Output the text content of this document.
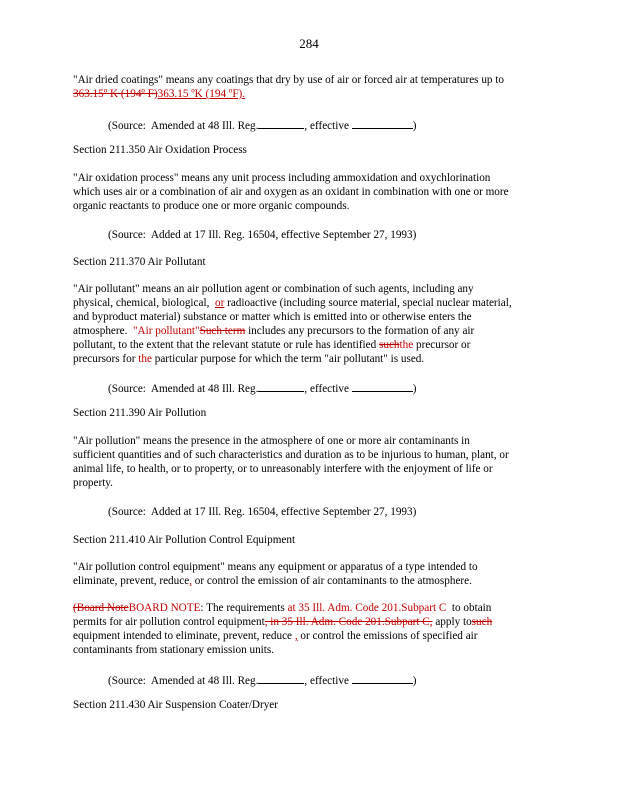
284
"Air dried coatings" means any coatings that dry by use of air or forced air at temperatures up to
363.15º K (194º F)363.15 ºK (194 ºF).
(Source: Amended at 48 Ill. Reg.	, effective	)
Section 211.350 Air Oxidation Process
"Air oxidation process" means any unit process including ammoxidation and oxychlorination
which uses air or a combination of air and oxygen as an oxidant in combination with one or more
organic reactants to produce one or more organic compounds.
(Source: Added at 17 Ill. Reg. 16504, effective September 27, 1993)
Section 211.370 Air Pollutant
"Air pollutant" means an air pollution agent or combination of such agents, including any
physical, chemical, biological, or radioactive (including source material, special nuclear material,
and byproduct material) substance or matter which is emitted into or otherwise enters the
atmosphere. "Air pollutant"Such term includes any precursors to the formation of any air
pollutant, to the extent that the relevant statute or rule has identified suchthe precursor or
precursors for the particular purpose for which the term "air pollutant" is used.
(Source: Amended at 48 Ill. Reg.	, effective	)
Section 211.390 Air Pollution
"Air pollution" means the presence in the atmosphere of one or more air contaminants in
sufficient quantities and of such characteristics and duration as to be injurious to human, plant, or
animal life, to health, or to property, or to unreasonably interfere with the enjoyment of life or
property.
(Source: Added at 17 Ill. Reg. 16504, effective September 27, 1993)
Section 211.410 Air Pollution Control Equipment
"Air pollution control equipment" means any equipment or apparatus of a type intended to
eliminate, prevent, reduce, or control the emission of air contaminants to the atmosphere.
(Board NoteBOARD NOTE: The requirements at 35 Ill. Adm. Code 201.Subpart C to obtain
permits for air pollution control equipment, in 35 Ill. Adm. Code 201.Subpart C, apply tosuch
equipment intended to eliminate, prevent, reduce , or control the emissions of specified air
contaminants from stationary emission units.
(Source: Amended at 48 Ill. Reg.	, effective	)
Section 211.430 Air Suspension Coater/Dryer
